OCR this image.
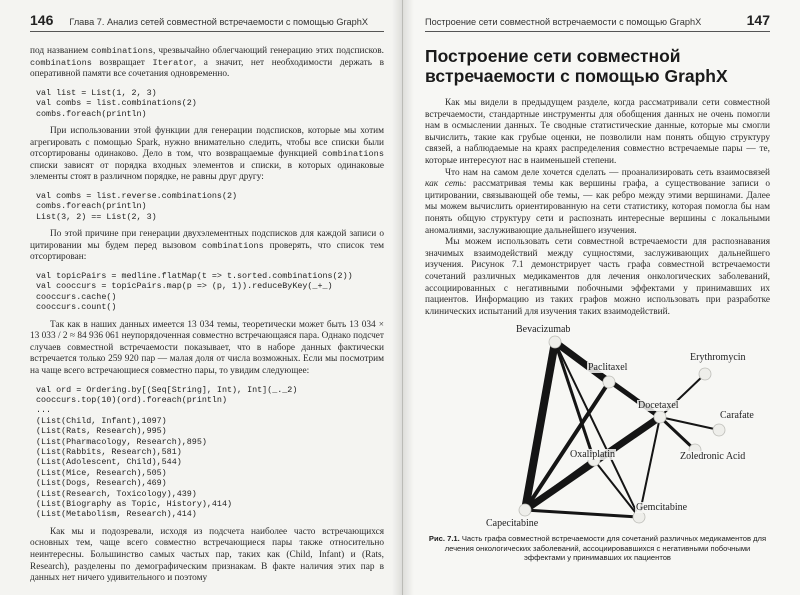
146 Глава 7. Анализ сетей совместной встречаемости с помощью GraphX

под названием combinations, чрезвычайно облегчающий генерацию этих подсписков. combinations возвращает Iterator, а значит, нет необходимости держать в оперативной памяти все сочетания одновременно.

val list = List(1, 2, 3)
val combs = list.combinations(2)
combs.foreach(println)

При использовании этой функции для генерации подсписков, которые мы хотим агрегировать с помощью Spark, нужно внимательно следить, чтобы все списки были отсортированы одинаково. Дело в том, что возвращаемые функцией combinations списки зависят от порядка входных элементов и списки, в которых одинаковые элементы стоят в различном порядке, не равны друг другу:

val combs = list.reverse.combinations(2)
combs.foreach(println)
List(3, 2) == List(2, 3)

По этой причине при генерации двухэлементных подсписков для каждой записи о цитировании мы будем перед вызовом combinations проверять, что список тем отсортирован:

val topicPairs = medline.flatMap(t => t.sorted.combinations(2))
val cooccurs = topicPairs.map(p => (p, 1)).reduceByKey(_+_)
cooccurs.cache()
cooccurs.count()

Так как в наших данных имеется 13 034 темы, теоретически может быть 13 034 × 13 033 / 2 ≈ 84 936 061 неупорядоченная совместно встречающаяся пара. Однако подсчет случаев совместной встречаемости показывает, что в наборе данных фактически встречается только 259 920 пар — малая доля от числа возможных. Если мы посмотрим на чаще всего встречающиеся совместно пары, то увидим следующее:

val ord = Ordering.by[(Seq[String], Int), Int](_._2)
cooccurs.top(10)(ord).foreach(println)
...
(List(Child, Infant),1097)
(List(Rats, Research),995)
(List(Pharmacology, Research),895)
(List(Rabbits, Research),581)
(List(Adolescent, Child),544)
(List(Mice, Research),505)
(List(Dogs, Research),469)
(List(Research, Toxicology),439)
(List(Biography as Topic, History),414)
(List(Metabolism, Research),414)

Как мы и подозревали, исходя из подсчета наиболее часто встречающихся основных тем, чаще всего совместно встречающиеся пары также относительно неинтересны. Большинство самых частых пар, таких как (Child, Infant) и (Rats, Research), разделены по демографическим признакам. В факте наличия этих пар в данных нет ничего удивительного и поэтому

Построение сети совместной встречаемости с помощью GraphX	147
Построение сети совместной встречаемости с помощью GraphX

Как мы видели в предыдущем разделе, когда рассматривали сети совместной встречаемости, стандартные инструменты для обобщения данных не очень помогли нам в осмыслении данных. Те сводные статистические данные, которые мы смогли вычислить, такие как грубые оценки, не позволили нам понять общую структуру связей, а наблюдаемые на краях распределения совместно встречаемые пары — те, которые интересуют нас в наименьшей степени.

Что нам на самом деле хочется сделать — проанализировать сеть взаимосвязей как сеть: рассматривая темы как вершины графа, а существование записи о цитировании, связывающей обе темы, — как ребро между этими вершинами. Далее мы можем вычислить ориентированную на сети статистику, которая помогла бы нам понять общую структуру сети и распознать интересные вершины с локальными аномалиями, заслуживающие дальнейшего изучения.

Мы можем использовать сети совместной встречаемости для распознавания значимых взаимодействий между сущностями, заслуживающих дальнейшего изучения. Рисунок 7.1 демонстрирует часть графа совместной встречаемости сочетаний различных медикаментов для лечения онкологических заболеваний, ассоциированных с негативными побочными эффектами у принимавших их пациентов. Информацию из таких графов можно использовать при разработке клинических испытаний для изучения таких взаимодействий.

Bevacizumab
Paclitaxel
Erythromycin
Docetaxel
Carafate
Zoledronic Acid
Oxaliplatin
Capecitabine
Gemcitabine
Рис. 7.1. Часть графа совместной встречаемости для сочетаний различных медикаментов для лечения онкологических заболеваний, ассоциировавшихся с негативными побочными эффектами у принимавших их пациентов
